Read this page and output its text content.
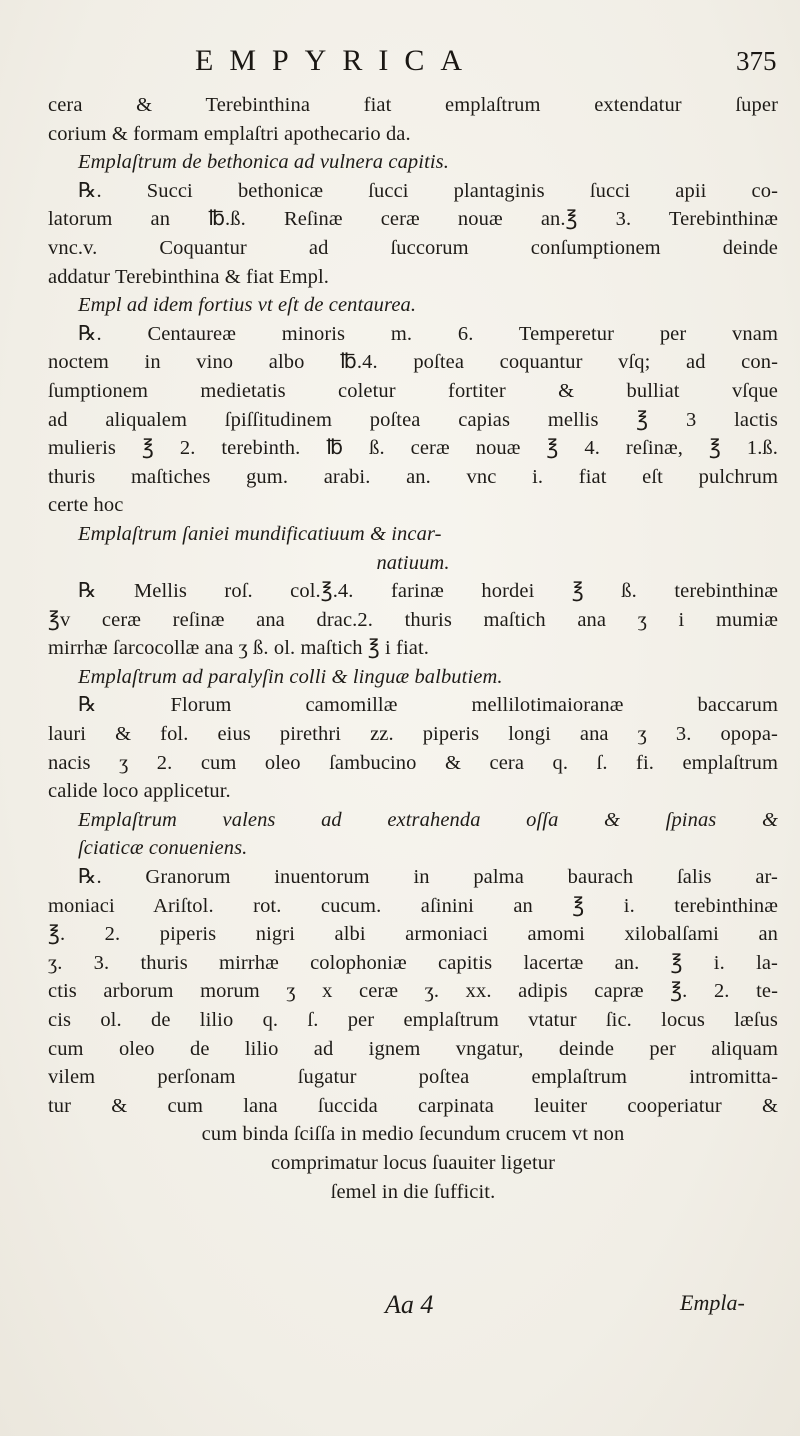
EMPYRICA	375
cera & Terebinthina fiat emplaſtrum extendatur ſuper
corium & formam emplaſtri apothecario da.
Emplaſtrum de bethonica ad vulnera capitis.
℞. Succi bethonicæ ſucci plantaginis ſucci apii co-
latorum an ℔.ß. Reſinæ ceræ nouæ an.℥ 3. Terebinthinæ
vnc.v. Coquantur ad ſuccorum conſumptionem deinde
addatur Terebinthina & fiat Empl.
Empl ad idem fortius vt eſt de centaurea.
℞. Centaureæ minoris m. 6. Temperetur per vnam
noctem in vino albo ℔.4. poſtea coquantur vſq; ad con-
ſumptionem medietatis coletur fortiter & bulliat vſque
ad aliqualem ſpiſſitudinem poſtea capias mellis ℥ 3 lactis
mulieris ℥ 2. terebinth. ℔ ß. ceræ nouæ ℥ 4. reſinæ, ℥ 1.ß.
thuris maſtiches gum. arabi. an. vnc i. fiat eſt pulchrum
certe hoc
Emplaſtrum ſaniei mundificatiuum & incar-
natiuum.
℞ Mellis roſ. col.℥.4. farinæ hordei ℥ ß. terebinthinæ
℥v ceræ reſinæ ana drac.2. thuris maſtich ana ʒ i mumiæ
mirrhæ ſarcocollæ ana ʒ ß. ol. maſtich ℥ i fiat.
Emplaſtrum ad paralyſin colli & linguæ balbutiem.
℞ Florum camomillæ mellilotimaioranæ baccarum
lauri & fol. eius pirethri zz. piperis longi ana ʒ 3. opopa-
nacis ʒ 2. cum oleo ſambucino & cera q. ſ. fi. emplaſtrum
calide loco applicetur.
Emplaſtrum valens ad extrahenda oſſa & ſpinas &
ſciaticæ conueniens.
℞. Granorum inuentorum in palma baurach ſalis ar-
moniaci Ariſtol. rot. cucum. aſinini an ℥ i. terebinthinæ
℥. 2. piperis nigri albi armoniaci amomi xilobalſami an
ʒ. 3. thuris mirrhæ colophoniæ capitis lacertæ an. ℥ i. la-
ctis arborum morum ʒ x ceræ ʒ. xx. adipis capræ ℥. 2. te-
cis ol. de lilio q. ſ. per emplaſtrum vtatur ſic. locus læſus
cum oleo de lilio ad ignem vngatur, deinde per aliquam
vilem perſonam ſugatur poſtea emplaſtrum intromitta-
tur & cum lana ſuccida carpinata leuiter cooperiatur &
cum binda ſciſſa in medio ſecundum crucem vt non
comprimatur locus ſuauiter ligetur
ſemel in die ſufficit.
Aa 4	Empla-
